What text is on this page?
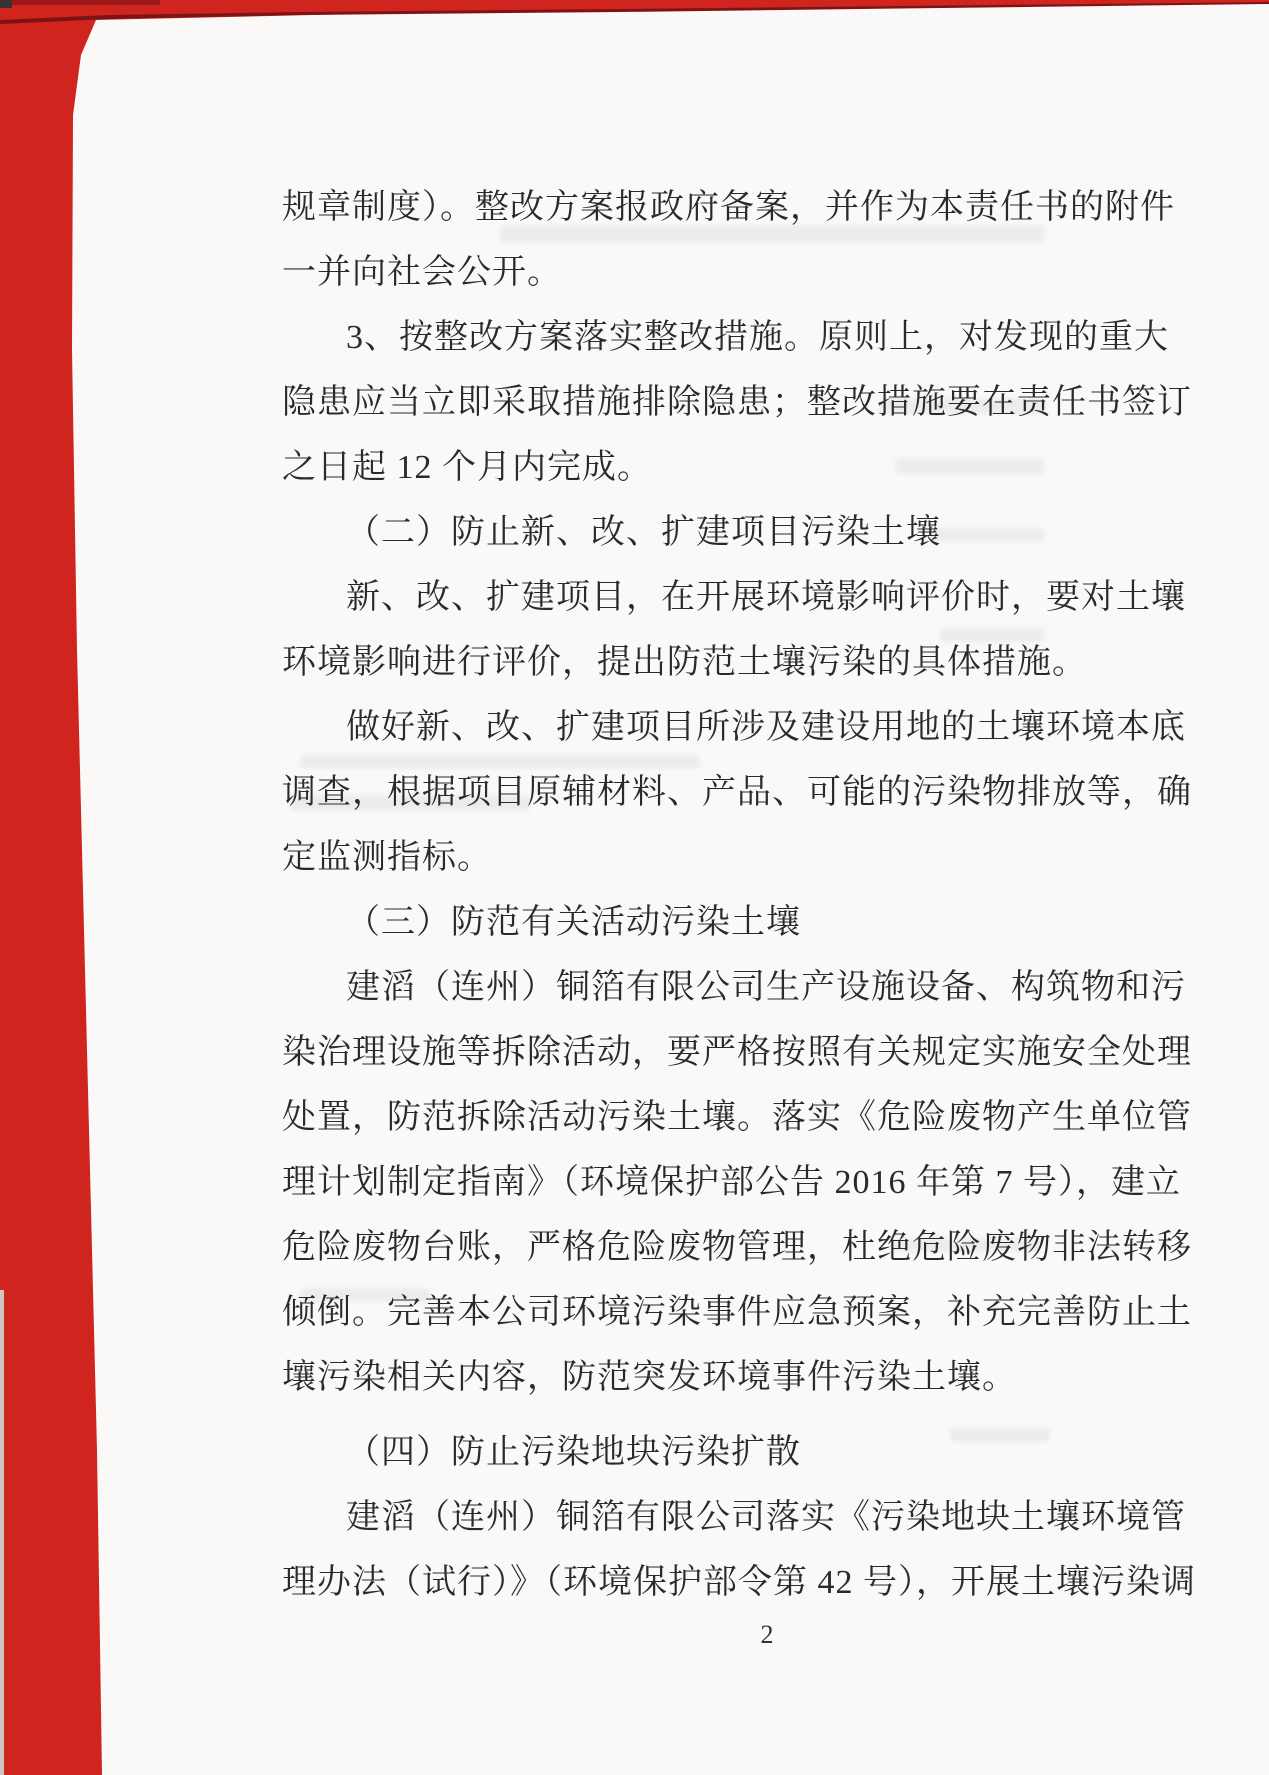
规章制度）。整改方案报政府备案，并作为本责任书的附件
一并向社会公开。
3、按整改方案落实整改措施。原则上，对发现的重大
隐患应当立即采取措施排除隐患；整改措施要在责任书签订
之日起 12 个月内完成。
（二）防止新、改、扩建项目污染土壤
新、改、扩建项目，在开展环境影响评价时，要对土壤
环境影响进行评价，提出防范土壤污染的具体措施。
做好新、改、扩建项目所涉及建设用地的土壤环境本底
调查，根据项目原辅材料、产品、可能的污染物排放等，确
定监测指标。
（三）防范有关活动污染土壤
建滔（连州）铜箔有限公司生产设施设备、构筑物和污
染治理设施等拆除活动，要严格按照有关规定实施安全处理
处置，防范拆除活动污染土壤。落实《危险废物产生单位管
理计划制定指南》（环境保护部公告 2016 年第 7 号），建立
危险废物台账，严格危险废物管理，杜绝危险废物非法转移
倾倒。完善本公司环境污染事件应急预案，补充完善防止土
壤污染相关内容，防范突发环境事件污染土壤。
（四）防止污染地块污染扩散
建滔（连州）铜箔有限公司落实《污染地块土壤环境管
理办法（试行）》（环境保护部令第 42 号），开展土壤污染调
2
